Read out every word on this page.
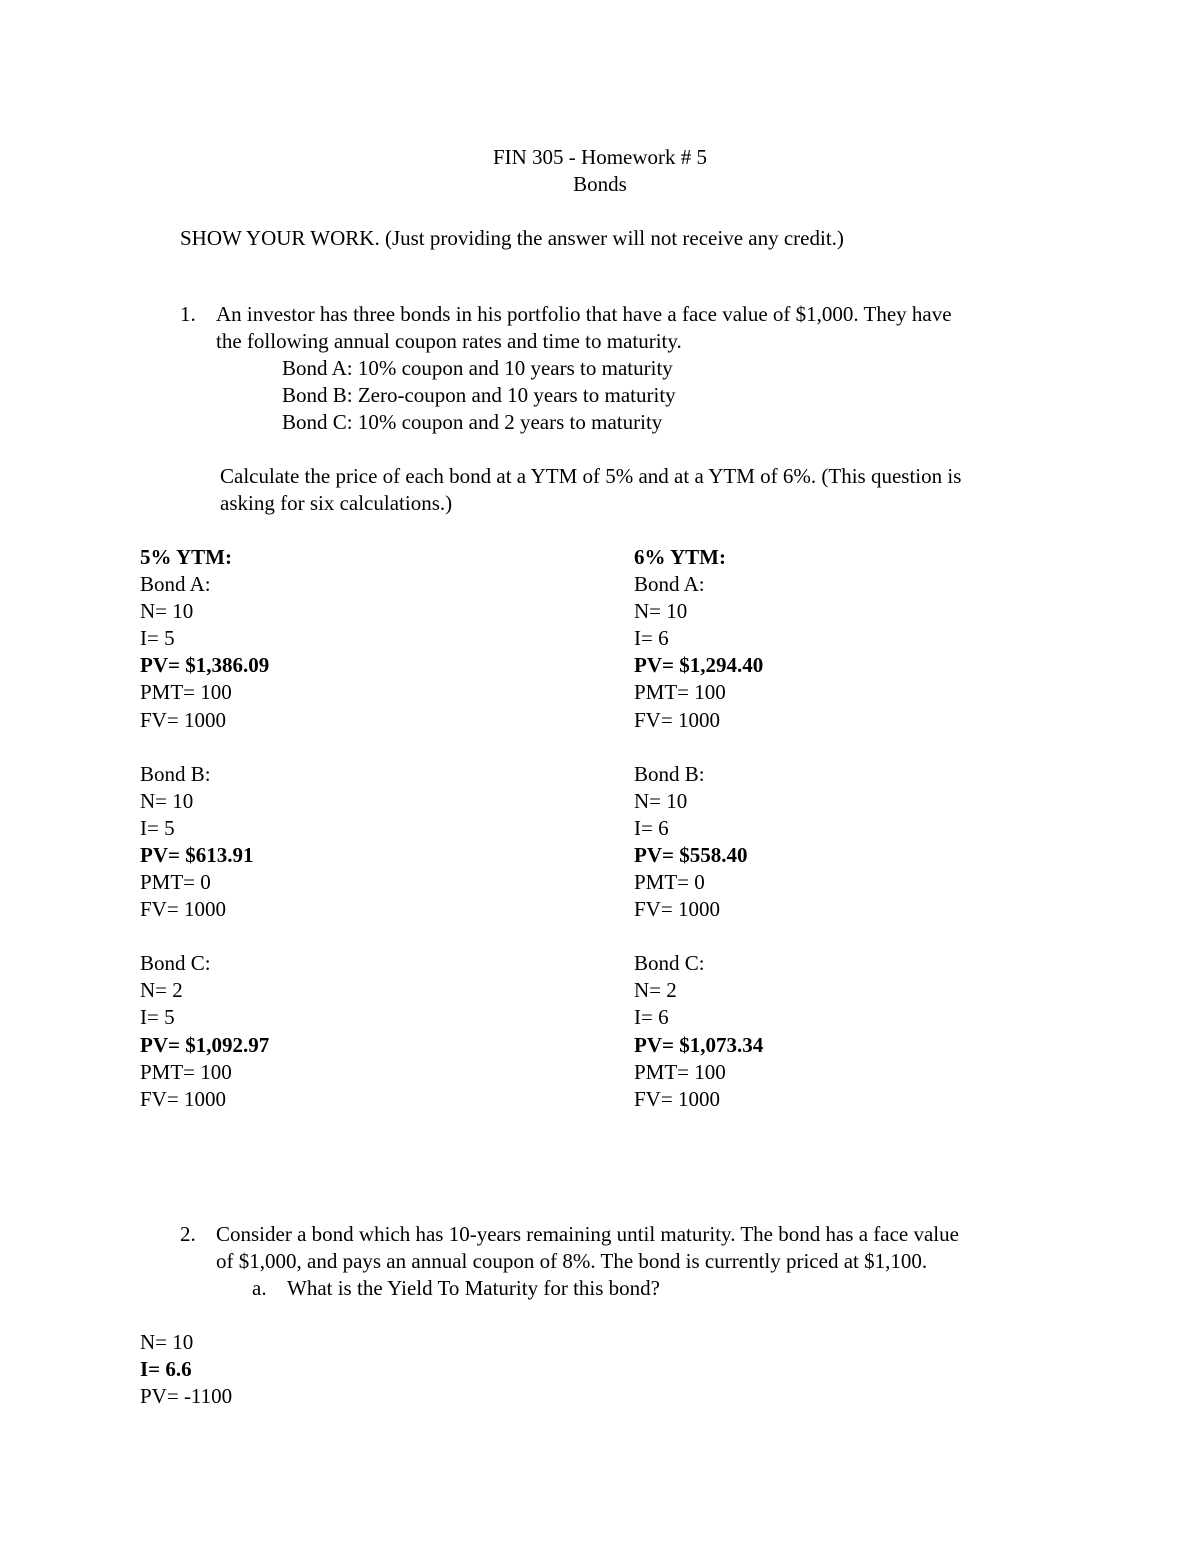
FIN 305 - Homework # 5
Bonds
SHOW YOUR WORK. (Just providing the answer will not receive any credit.)
1. An investor has three bonds in his portfolio that have a face value of $1,000. They have
the following annual coupon rates and time to maturity.
Bond A: 10% coupon and 10 years to maturity
Bond B: Zero-coupon and 10 years to maturity
Bond C: 10% coupon and 2 years to maturity
Calculate the price of each bond at a YTM of 5% and at a YTM of 6%. (This question is
asking for six calculations.)
5% YTM:
Bond A:
N= 10
I= 5
PV= $1,386.09
PMT= 100
FV= 1000
Bond B:
N= 10
I= 5
PV= $613.91
PMT= 0
FV= 1000
Bond C:
N= 2
I= 5
PV= $1,092.97
PMT= 100
FV= 1000
6% YTM:
Bond A:
N= 10
I= 6
PV= $1,294.40
PMT= 100
FV= 1000
Bond B:
N= 10
I= 6
PV= $558.40
PMT= 0
FV= 1000
Bond C:
N= 2
I= 6
PV= $1,073.34
PMT= 100
FV= 1000
2. Consider a bond which has 10-years remaining until maturity. The bond has a face value
of $1,000, and pays an annual coupon of 8%. The bond is currently priced at $1,100.
a. What is the Yield To Maturity for this bond?
N= 10
I= 6.6
PV= -1100
